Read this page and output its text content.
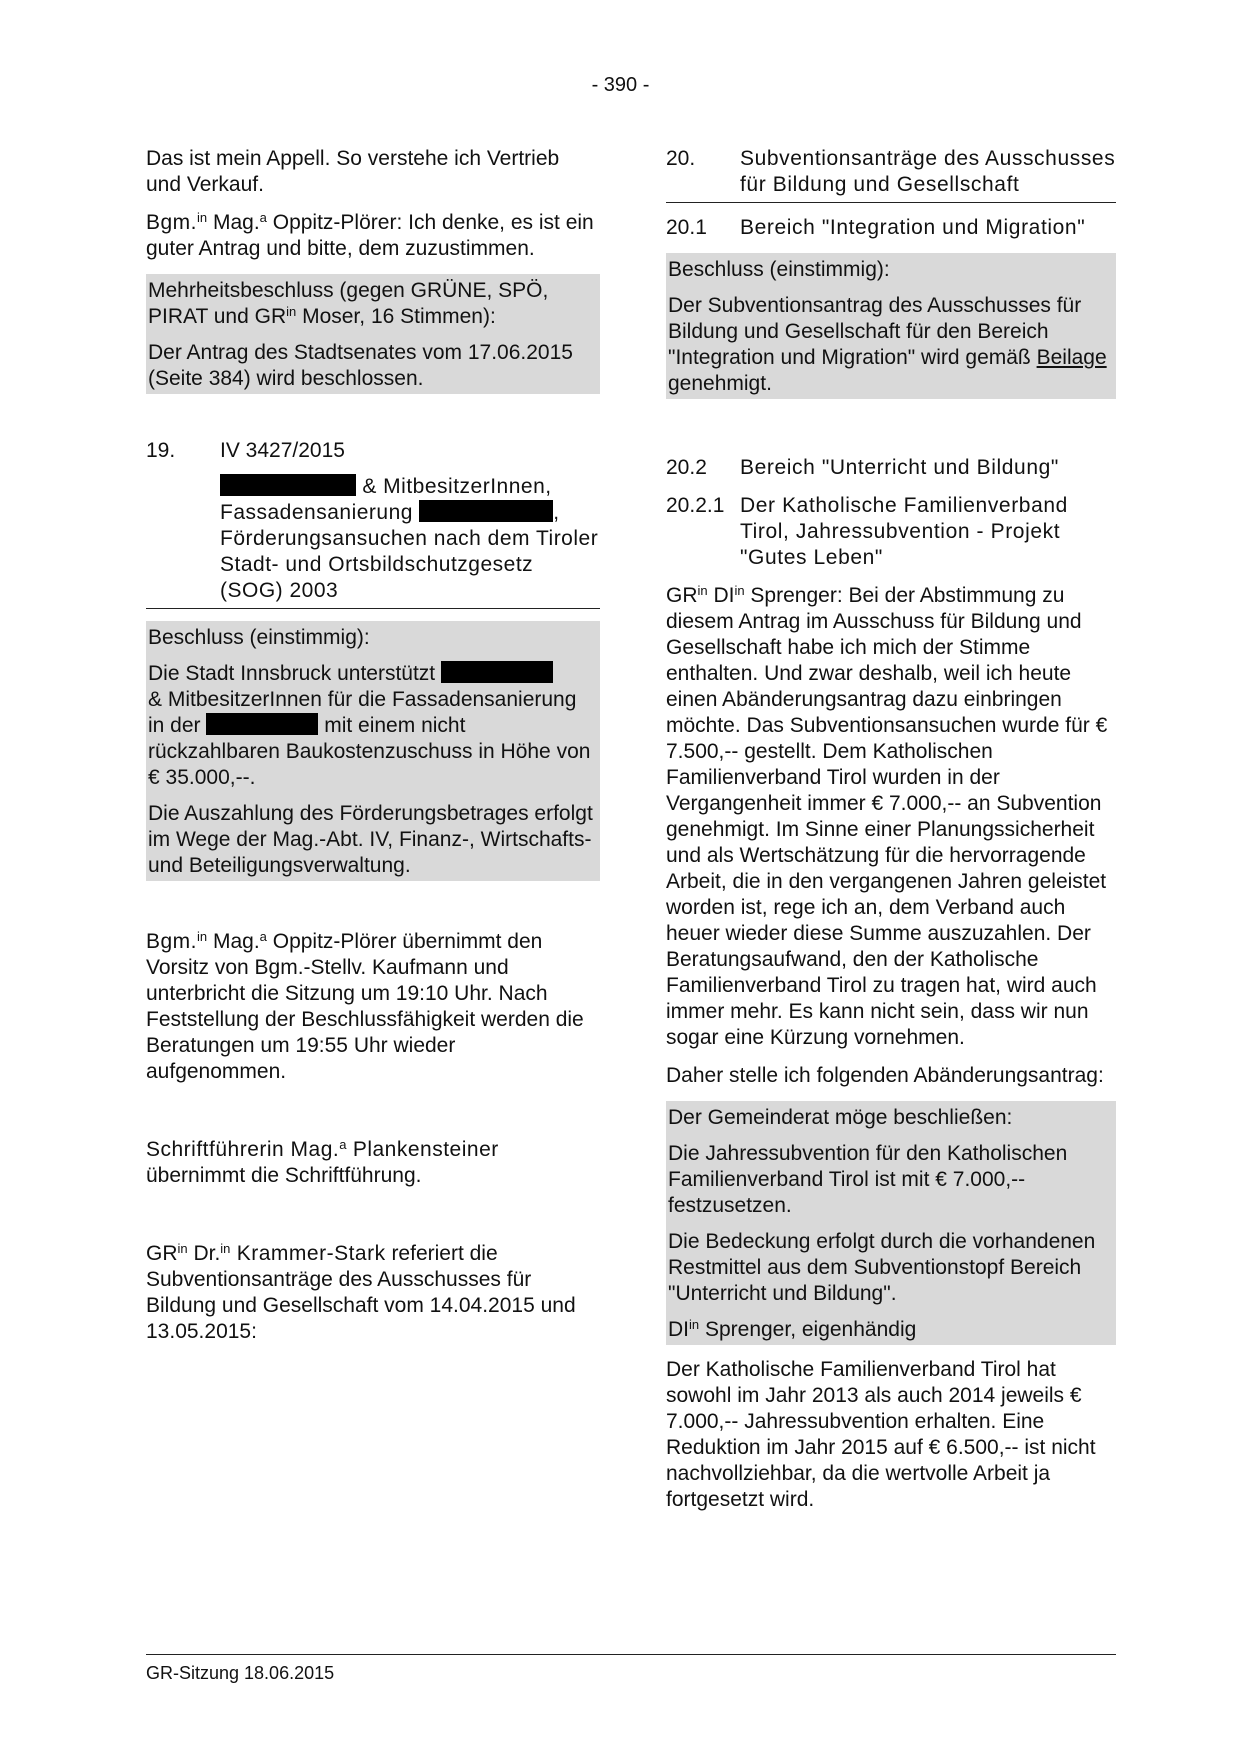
- 390 -

Das ist mein Appell. So verstehe ich Vertrieb und Verkauf.

Bgm.$^{in}$ Mag.$^a$ Oppitz-Plörer: Ich denke, es ist ein guter Antrag und bitte, dem zuzustimmen.

Mehrheitsbeschluss (gegen GRÜNE, SPÖ, PIRAT und $GR^{in}$ Moser, 16 Stimmen):

Der Antrag des Stadtsenates vom 17.06.2015 (Seite 384) wird beschlossen.

19.	IV 3427/2015

& MitbesitzerInnen,

Fassadensanierung	,

Förderungsansuchen nach dem Tiroler Stadt- und Ortsbildschutzgesetz (SOG) 2003

Beschluss (einstimmig):

Die Stadt Innsbruck unterstützt
& MitbesitzerInnen für die Fassadensanierung in der	mit einem nicht rückzahlbaren Baukostenzuschuss in Höhe von € 35.000,--.

Die Auszahlung des Förderungsbetrages erfolgt im Wege der Mag.-Abt. IV, Finanz-, Wirtschafts- und Beteiligungsverwaltung.

Bgm.$^{in}$ Mag.$^a$ Oppitz-Plörer übernimmt den Vorsitz von Bgm.-Stellv. Kaufmann und unterbricht die Sitzung um 19:10 Uhr. Nach Feststellung der Beschlussfähigkeit werden die Beratungen um 19:55 Uhr wieder aufgenommen.

Schriftführerin Mag.$^a$ Plankensteiner
übernimmt die Schriftführung.

$GR^{in}$ Dr.$^{in}$ Krammer-Stark referiert die Subventionsanträge des Ausschusses für Bildung und Gesellschaft vom 14.04.2015 und 13.05.2015:

20.	Subventionsanträge des Ausschusses für Bildung und Gesellschaft
20.1	Bereich "Integration und Migration"

Beschluss (einstimmig):

Der Subventionsantrag des Ausschusses für Bildung und Gesellschaft für den Bereich "Integration und Migration" wird gemäß Beilage genehmigt.

20.2	Bereich "Unterricht und Bildung"
20.2.1 Der Katholische Familienverband Tirol, Jahressubvention - Projekt "Gutes Leben"

$GR^{in}$ $DI^{in}$ Sprenger: Bei der Abstimmung zu diesem Antrag im Ausschuss für Bildung und Gesellschaft habe ich mich der Stimme enthalten. Und zwar deshalb, weil ich heute einen Abänderungsantrag dazu einbringen möchte. Das Subventionsansuchen wurde für € 7.500,-- gestellt. Dem Katholischen Familienverband Tirol wurden in der Vergangenheit immer € 7.000,-- an Subvention genehmigt. Im Sinne einer Planungssicherheit und als Wertschätzung für die hervorragende Arbeit, die in den vergangenen Jahren geleistet worden ist, rege ich an, dem Verband auch heuer wieder diese Summe auszuzahlen. Der Beratungsaufwand, den der Katholische Familienverband Tirol zu tragen hat, wird auch immer mehr. Es kann nicht sein, dass wir nun sogar eine Kürzung vornehmen.

Daher stelle ich folgenden Abänderungsantrag:

Der Gemeinderat möge beschließen:

Die Jahressubvention für den Katholischen Familienverband Tirol ist mit € 7.000,-- festzusetzen.

Die Bedeckung erfolgt durch die vorhandenen Restmittel aus dem Subventionstopf Bereich "Unterricht und Bildung".

$DI^{in}$ Sprenger, eigenhändig

Der Katholische Familienverband Tirol hat sowohl im Jahr 2013 als auch 2014 jeweils € 7.000,-- Jahressubvention erhalten. Eine Reduktion im Jahr 2015 auf € 6.500,-- ist nicht nachvollziehbar, da die wertvolle Arbeit ja fortgesetzt wird.

GR-Sitzung 18.06.2015
